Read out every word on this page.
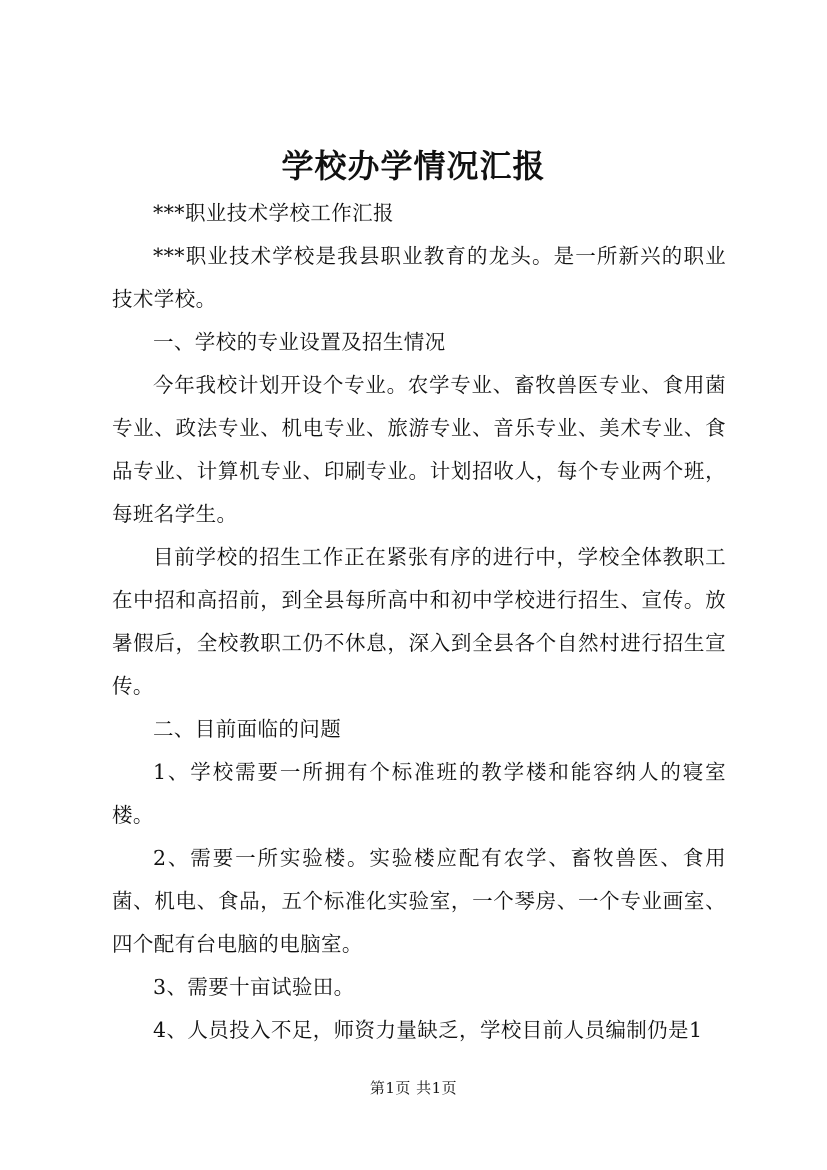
学校办学情况汇报

***职业技术学校工作汇报

***职业技术学校是我县职业教育的龙头。是一所新兴的职业技术学校。

一、学校的专业设置及招生情况

今年我校计划开设个专业。农学专业、畜牧兽医专业、食用菌专业、政法专业、机电专业、旅游专业、音乐专业、美术专业、食品专业、计算机专业、印刷专业。计划招收人，每个专业两个班，每班名学生。

目前学校的招生工作正在紧张有序的进行中，学校全体教职工在中招和高招前，到全县每所高中和初中学校进行招生、宣传。放暑假后，全校教职工仍不休息，深入到全县各个自然村进行招生宣传。

二、目前面临的问题

1、学校需要一所拥有个标准班的教学楼和能容纳人的寝室楼。

2、需要一所实验楼。实验楼应配有农学、畜牧兽医、食用菌、机电、食品，五个标准化实验室，一个琴房、一个专业画室、四个配有台电脑的电脑室。

3、需要十亩试验田。

4、人员投入不足，师资力量缺乏，学校目前人员编制仍是1

第1页 共1页
